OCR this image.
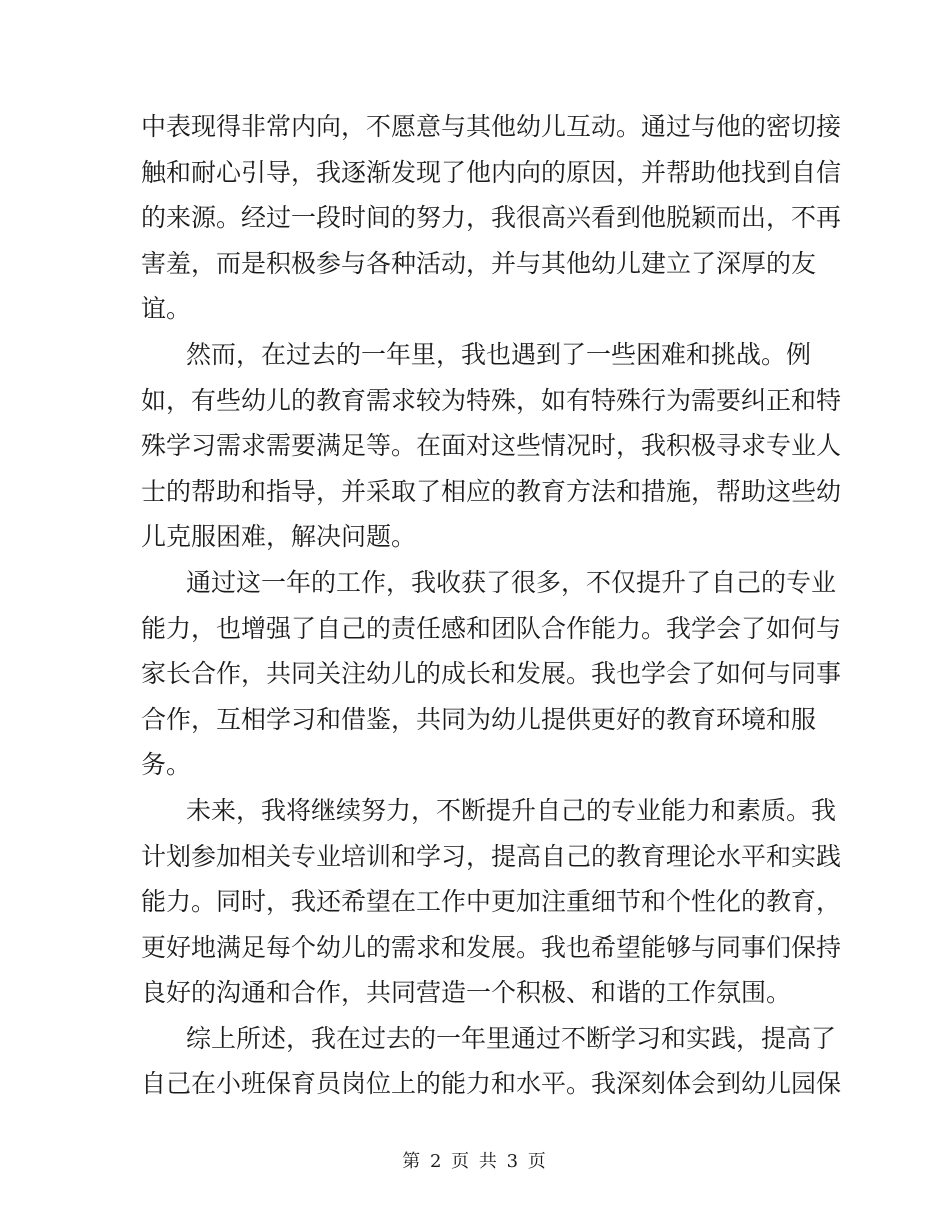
中表现得非常内向，不愿意与其他幼儿互动。通过与他的密切接
触和耐心引导，我逐渐发现了他内向的原因，并帮助他找到自信
的来源。经过一段时间的努力，我很高兴看到他脱颖而出，不再
害羞，而是积极参与各种活动，并与其他幼儿建立了深厚的友
谊。
然而，在过去的一年里，我也遇到了一些困难和挑战。例
如，有些幼儿的教育需求较为特殊，如有特殊行为需要纠正和特
殊学习需求需要满足等。在面对这些情况时，我积极寻求专业人
士的帮助和指导，并采取了相应的教育方法和措施，帮助这些幼
儿克服困难，解决问题。
通过这一年的工作，我收获了很多，不仅提升了自己的专业
能力，也增强了自己的责任感和团队合作能力。我学会了如何与
家长合作，共同关注幼儿的成长和发展。我也学会了如何与同事
合作，互相学习和借鉴，共同为幼儿提供更好的教育环境和服
务。
未来，我将继续努力，不断提升自己的专业能力和素质。我
计划参加相关专业培训和学习，提高自己的教育理论水平和实践
能力。同时，我还希望在工作中更加注重细节和个性化的教育，
更好地满足每个幼儿的需求和发展。我也希望能够与同事们保持
良好的沟通和合作，共同营造一个积极、和谐的工作氛围。
综上所述，我在过去的一年里通过不断学习和实践，提高了
自己在小班保育员岗位上的能力和水平。我深刻体会到幼儿园保
第 2 页 共 3 页
